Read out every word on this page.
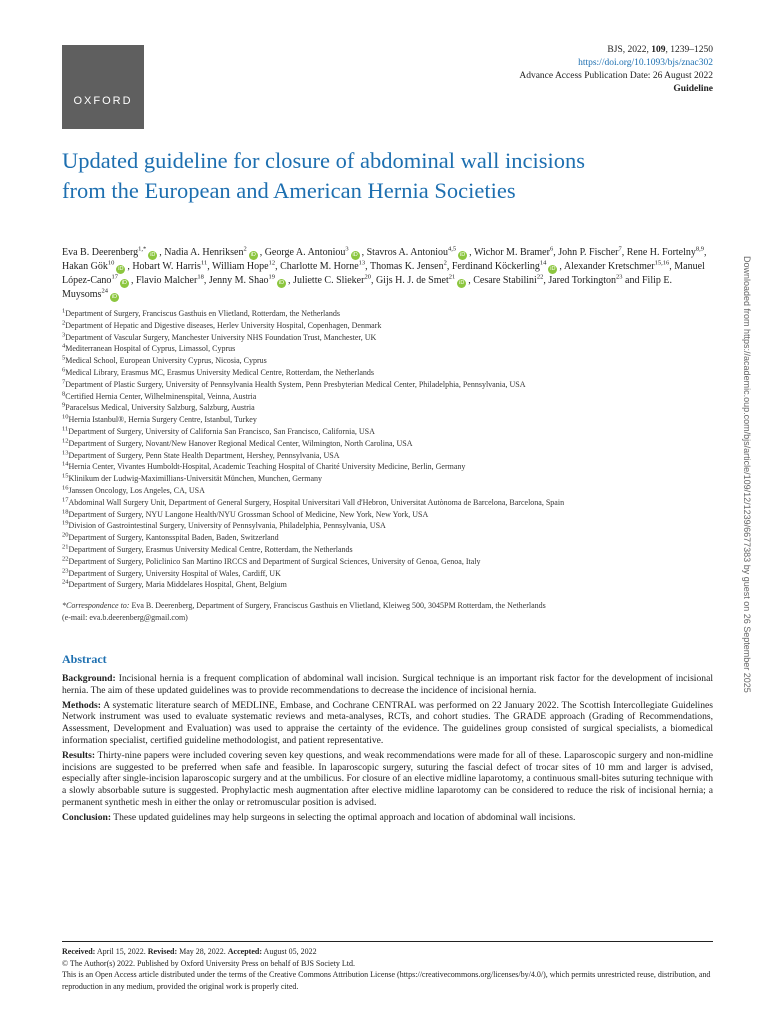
OXFORD
BJS, 2022, 109, 1239–1250
https://doi.org/10.1093/bjs/znac302
Advance Access Publication Date: 26 August 2022
Guideline
Updated guideline for closure of abdominal wall incisions from the European and American Hernia Societies
Eva B. Deerenberg$^{1,*}$iD , Nadia A. Henriksen$^2$iD , George A. Antoniou$^3$iD , Stavros A. Antoniou$^{4,5}$iD , Wichor M. Bramer$^6$, John P. Fischer$^7$, Rene H. Fortelny$^{8,9}$, Hakan Gök$^{10}$iD , Hobart W. Harris$^{11}$, William Hope$^{12}$, Charlotte M. Horne$^{13}$, Thomas K. Jensen$^2$, Ferdinand Köckerling$^{14}$iD , Alexander Kretschmer$^{15,16}$, Manuel López-Cano$^{17}$iD , Flavio Malcher$^{18}$, Jenny M. Shao$^{19}$iD , Juliette C. Slieker$^{20}$, Gijs H. J. de Smet$^{21}$iD , Cesare Stabilini$^{22}$, Jared Torkington$^{23}$ and Filip E. Muysoms$^{24}$iD
$^1$Department of Surgery, Franciscus Gasthuis en Vlietland, Rotterdam, the Netherlands
$^2$Department of Hepatic and Digestive diseases, Herlev University Hospital, Copenhagen, Denmark
$^3$Department of Vascular Surgery, Manchester University NHS Foundation Trust, Manchester, UK
$^4$Mediterranean Hospital of Cyprus, Limassol, Cyprus
$^5$Medical School, European University Cyprus, Nicosia, Cyprus
$^6$Medical Library, Erasmus MC, Erasmus University Medical Centre, Rotterdam, the Netherlands
$^7$Department of Plastic Surgery, University of Pennsylvania Health System, Penn Presbyterian Medical Center, Philadelphia, Pennsylvania, USA
$^8$Certified Hernia Center, Wilhelminenspital, Veinna, Austria
$^9$Paracelsus Medical, University Salzburg, Salzburg, Austria
$^{10}$Hernia Istanbul®, Hernia Surgery Centre, Istanbul, Turkey
$^{11}$Department of Surgery, University of California San Francisco, San Francisco, California, USA
$^{12}$Department of Surgery, Novant/New Hanover Regional Medical Center, Wilmington, North Carolina, USA
$^{13}$Department of Surgery, Penn State Health Department, Hershey, Pennsylvania, USA
$^{14}$Hernia Center, Vivantes Humboldt-Hospital, Academic Teaching Hospital of Charité University Medicine, Berlin, Germany
$^{15}$Klinikum der Ludwig-Maximillians-Universität München, Munchen, Germany
$^{16}$Janssen Oncology, Los Angeles, CA, USA
$^{17}$Abdominal Wall Surgery Unit, Department of General Surgery, Hospital Universitari Vall d'Hebron, Universitat Autònoma de Barcelona, Barcelona, Spain
$^{18}$Department of Surgery, NYU Langone Health/NYU Grossman School of Medicine, New York, New York, USA
$^{19}$Division of Gastrointestinal Surgery, University of Pennsylvania, Philadelphia, Pennsylvania, USA
$^{20}$Department of Surgery, Kantonsspital Baden, Baden, Switzerland
$^{21}$Department of Surgery, Erasmus University Medical Centre, Rotterdam, the Netherlands
$^{22}$Department of Surgery, Policlinico San Martino IRCCS and Department of Surgical Sciences, University of Genoa, Genoa, Italy
$^{23}$Department of Surgery, University Hospital of Wales, Cardiff, UK
$^{24}$Department of Surgery, Maria Middelares Hospital, Ghent, Belgium
*Correspondence to: Eva B. Deerenberg, Department of Surgery, Franciscus Gasthuis en Vlietland, Kleiweg 500, 3045PM Rotterdam, the Netherlands
(e-mail: eva.b.deerenberg@gmail.com)
Abstract

Background: Incisional hernia is a frequent complication of abdominal wall incision. Surgical technique is an important risk factor for the development of incisional hernia. The aim of these updated guidelines was to provide recommendations to decrease the incidence of incisional hernia.

Methods: A systematic literature search of MEDLINE, Embase, and Cochrane CENTRAL was performed on 22 January 2022. The Scottish Intercollegiate Guidelines Network instrument was used to evaluate systematic reviews and meta-analyses, RCTs, and cohort studies. The GRADE approach (Grading of Recommendations, Assessment, Development and Evaluation) was used to appraise the certainty of the evidence. The guidelines group consisted of surgical specialists, a biomedical information specialist, certified guideline methodologist, and patient representative.

Results: Thirty-nine papers were included covering seven key questions, and weak recommendations were made for all of these. Laparoscopic surgery and non-midline incisions are suggested to be preferred when safe and feasible. In laparoscopic surgery, suturing the fascial defect of trocar sites of 10 mm and larger is advised, especially after single-incision laparoscopic surgery and at the umbilicus. For closure of an elective midline laparotomy, a continuous small-bites suturing technique with a slowly absorbable suture is suggested. Prophylactic mesh augmentation after elective midline laparotomy can be considered to reduce the risk of incisional hernia; a permanent synthetic mesh in either the onlay or retromuscular position is advised.

Conclusion: These updated guidelines may help surgeons in selecting the optimal approach and location of abdominal wall incisions.

Received: April 15, 2022. Revised: May 28, 2022. Accepted: August 05, 2022
© The Author(s) 2022. Published by Oxford University Press on behalf of BJS Society Ltd.
This is an Open Access article distributed under the terms of the Creative Commons Attribution License (https://creativecommons.org/licenses/by/4.0/), which permits unrestricted reuse, distribution, and reproduction in any medium, provided the original work is properly cited.
Downloaded from https://academic.oup.com/bjs/article/109/12/1239/6677383 by guest on 26 September 2025
